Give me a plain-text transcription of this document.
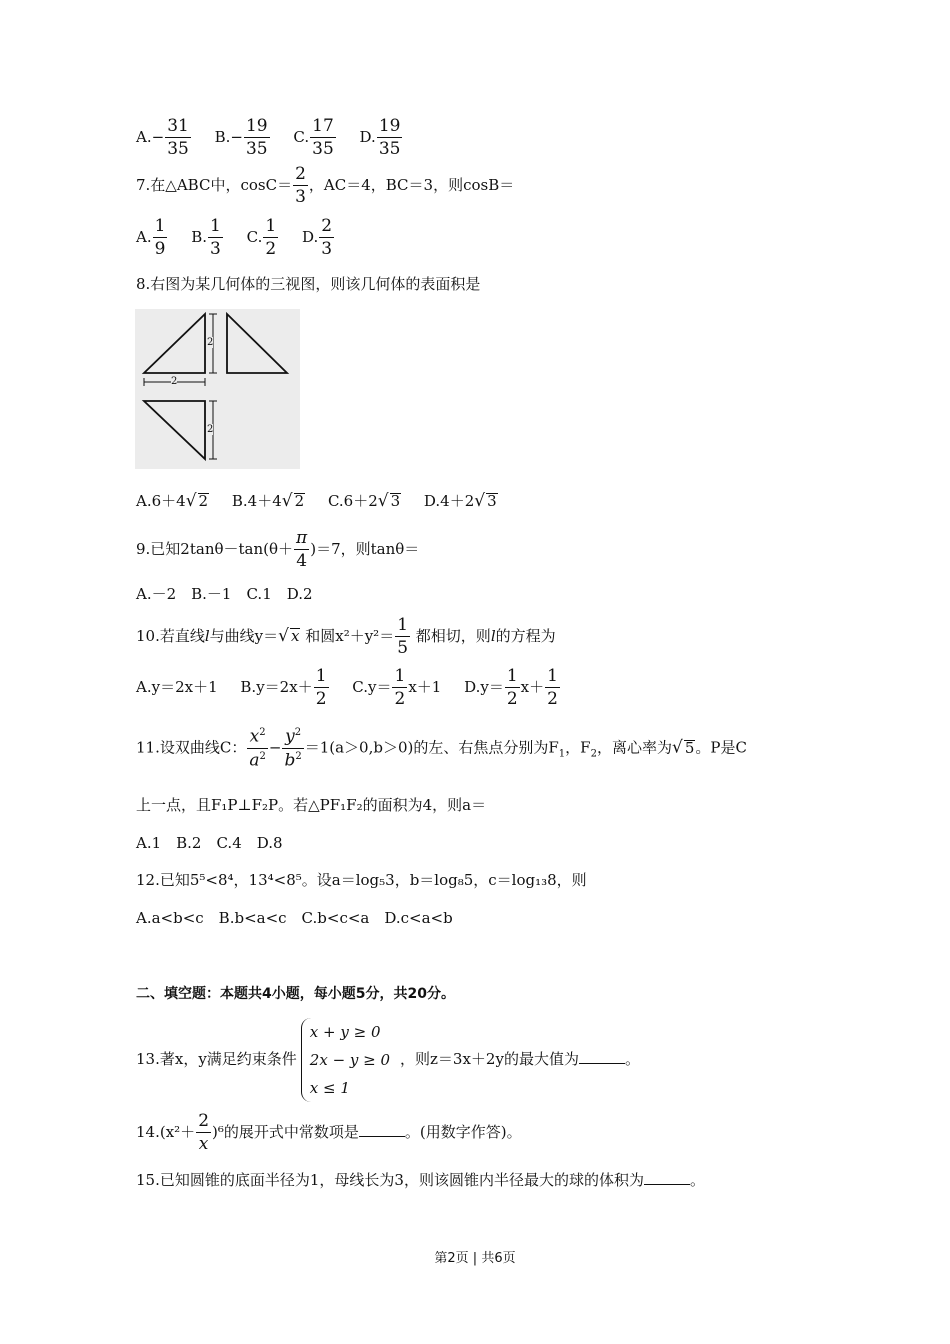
$A.- \frac{31}{35} B.- \frac{19}{35} C$. $\frac{17}{35} D$. $\frac{19}{35}$
7.在△ABC中，$\cos C= \frac{2}{3}$ ，AC＝4，BC＝3，则cosB＝
A. $\frac{1}{9} B$. $\frac{1}{3} C$. $\frac{1}{2} D$. $\frac{2}{3}$
8.右图为某几何体的三视图，则该几何体的表面积是
2
2
2
A.6＋4√ 2 B.4＋4√ 2 C.6＋2√ 3 D.4＋2√ 3
9.已知$2\tan\theta-\tan(\theta+ \frac{\pi}{4} )=7$，则tanθ＝
A.－2　B.－1　C.1　D.2
10.若直线l与曲线y＝√ x 和圆$x^2+y^2= \frac{1}{5}$ 都相切，则l的方程为
A.y＝2x＋1 $B.y=2x+ \frac{1}{2} C.y= \frac{1}{2} x+1$ $D.y= \frac{1}{2} x+ \frac{1}{2}$
11.设双曲线C： $\frac{x^2}{a^2} - \frac{y^2}{b^2} =1(a>0,b>0)$的左、右焦点分别为$F_1$，$F_2$，离心率为√ 5。P是C
上一点，且F₁P⊥F₂P。若△PF₁F₂的面积为4，则a＝
A.1　B.2　C.4　D.8
12.已知5⁵<8⁴，13⁴<8⁵。设a＝log₅3，b＝log₈5，c＝log₁₃8，则
A.a<b<c　B.b<a<c　C.b<c<a　D.c<a<b
二、填空题：本题共4小题，每小题5分，共20分。
13.著x，y满足约束条件
x + y ≥ 0
2x − y ≥ 0
x ≤ 1
，则z＝3x＋2y的最大值为	。
$14.(x^2+ \frac{2}{x} )^6$的展开式中常数项是	。(用数字作答)。
15.已知圆锥的底面半径为1，母线长为3，则该圆锥内半径最大的球的体积为	。
第2页 | 共6页
